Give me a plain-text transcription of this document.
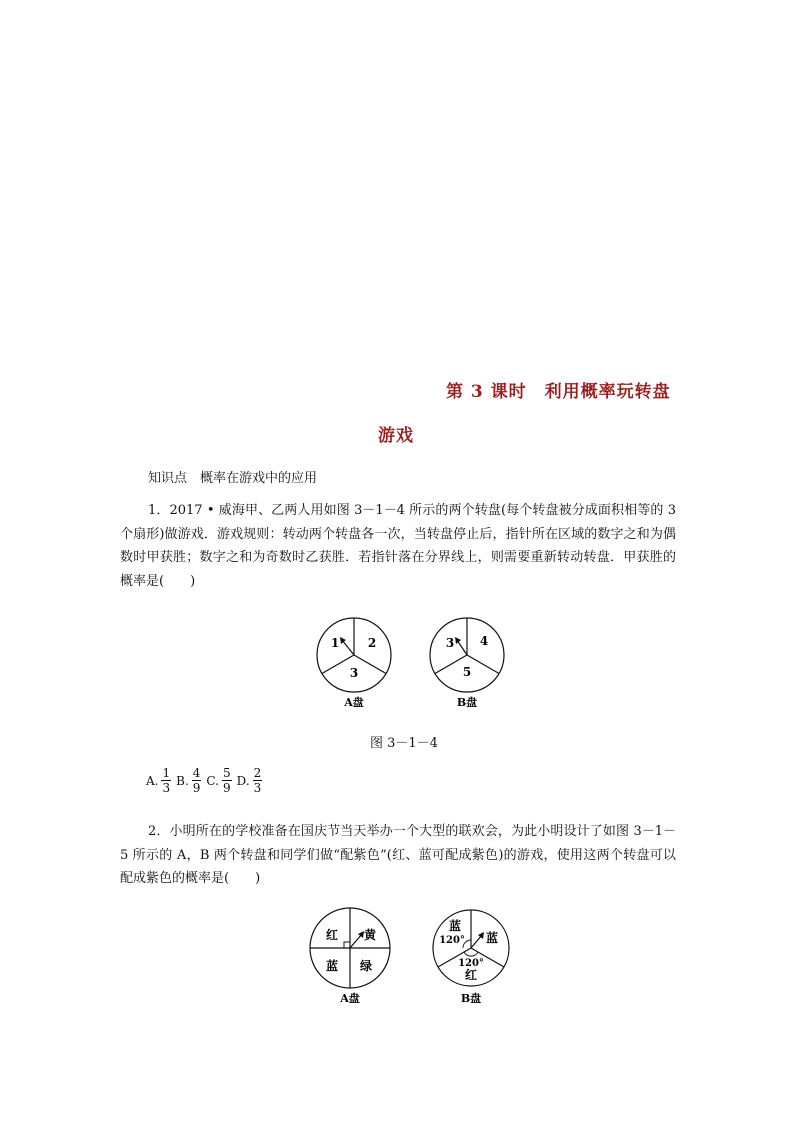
第 3 课时　利用概率玩转盘
游戏
知识点　概率在游戏中的应用
1．2017 • 威海甲、乙两人用如图 3－1－4 所示的两个转盘(每个转盘被分成面积相等的 3 个扇形)做游戏．游戏规则：转动两个转盘各一次，当转盘停止后，指针所在区域的数字之和为偶数时甲获胜；数字之和为奇数时乙获胜．若指针落在分界线上，则需要重新转动转盘．甲获胜的概率是(　　)
1 2
3
A盘
3 4
5
B盘
图 3－1－4
A. $\frac{1}{3} B$. $\frac{4}{9} C$. $\frac{5}{9} D$. $\frac{2}{3}$
2．小明所在的学校准备在国庆节当天举办一个大型的联欢会，为此小明设计了如图 3－1－5 所示的 A，B 两个转盘和同学们做“配紫色”(红、蓝可配成紫色)的游戏，使用这两个转盘可以配成紫色的概率是(　　)
红 黄
蓝 绿
A盘
蓝
120° 蓝
120°
红
B盘
